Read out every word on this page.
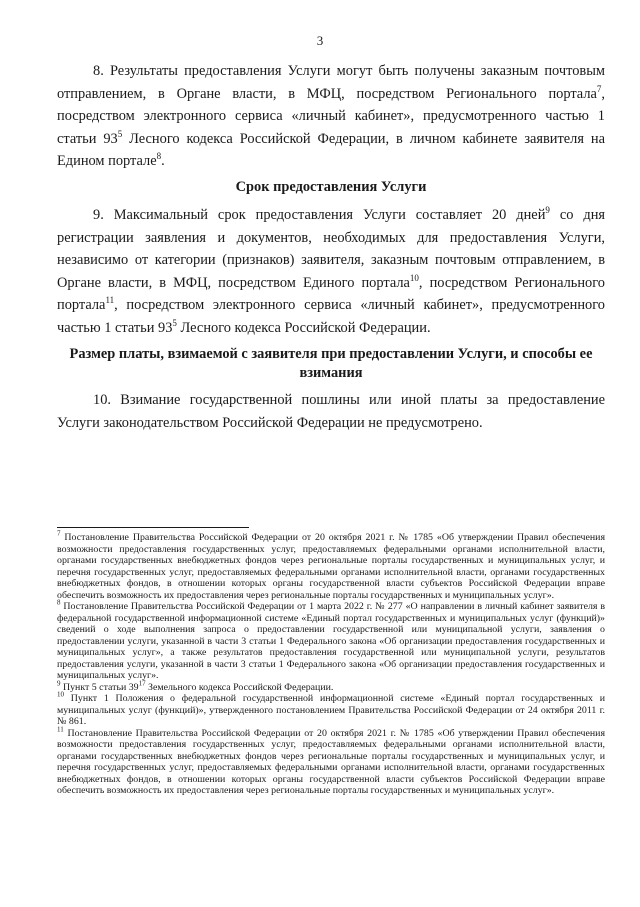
3

8. Результаты предоставления Услуги могут быть получены заказным почтовым отправлением, в Органе власти, в МФЦ, посредством Регионального портала$^7$, посредством электронного сервиса «личный кабинет», предусмотренного частью 1 статьи $93^5$ Лесного кодекса Российской Федерации, в личном кабинете заявителя на Едином портале$^8$.

Срок предоставления Услуги

9. Максимальный срок предоставления Услуги составляет 20 дней$^9$ со дня регистрации заявления и документов, необходимых для предоставления Услуги, независимо от категории (признаков) заявителя, заказным почтовым отправлением, в Органе власти, в МФЦ, посредством Единого портала$^{10}$, посредством Регионального портала$^{11}$, посредством электронного сервиса «личный кабинет», предусмотренного частью 1 статьи $93^5$ Лесного кодекса Российской Федерации.

Размер платы, взимаемой с заявителя при предоставлении Услуги, и способы ее взимания

10. Взимание государственной пошлины или иной платы за предоставление Услуги законодательством Российской Федерации не предусмотрено.

$^7$ Постановление Правительства Российской Федерации от 20 октября 2021 г. № 1785 «Об утверждении Правил обеспечения возможности предоставления государственных услуг, предоставляемых федеральными органами исполнительной власти, органами государственных внебюджетных фондов через региональные порталы государственных и муниципальных услуг, и перечня государственных услуг, предоставляемых федеральными органами исполнительной власти, органами государственных внебюджетных фондов, в отношении которых органы государственной власти субъектов Российской Федерации вправе обеспечить возможность их предоставления через региональные порталы государственных и муниципальных услуг».

$^8$ Постановление Правительства Российской Федерации от 1 марта 2022 г. № 277 «О направлении в личный кабинет заявителя в федеральной государственной информационной системе «Единый портал государственных и муниципальных услуг (функций)» сведений о ходе выполнения запроса о предоставлении государственной или муниципальной услуги, заявления о предоставлении услуги, указанной в части 3 статьи 1 Федерального закона «Об организации предоставления государственных и муниципальных услуг», а также результатов предоставления государственной или муниципальной услуги, результатов предоставления услуги, указанной в части 3 статьи 1 Федерального закона «Об организации предоставления государственных и муниципальных услуг».

$^9$ Пункт 5 статьи $39^{17}$ Земельного кодекса Российской Федерации.

$^{10}$ Пункт 1 Положения о федеральной государственной информационной системе «Единый портал государственных и муниципальных услуг (функций)», утвержденного постановлением Правительства Российской Федерации от 24 октября 2011 г. № 861.

$^{11}$ Постановление Правительства Российской Федерации от 20 октября 2021 г. № 1785 «Об утверждении Правил обеспечения возможности предоставления государственных услуг, предоставляемых федеральными органами исполнительной власти, органами государственных внебюджетных фондов через региональные порталы государственных и муниципальных услуг, и перечня государственных услуг, предоставляемых федеральными органами исполнительной власти, органами государственных внебюджетных фондов, в отношении которых органы государственной власти субъектов Российской Федерации вправе обеспечить возможность их предоставления через региональные порталы государственных и муниципальных услуг».
